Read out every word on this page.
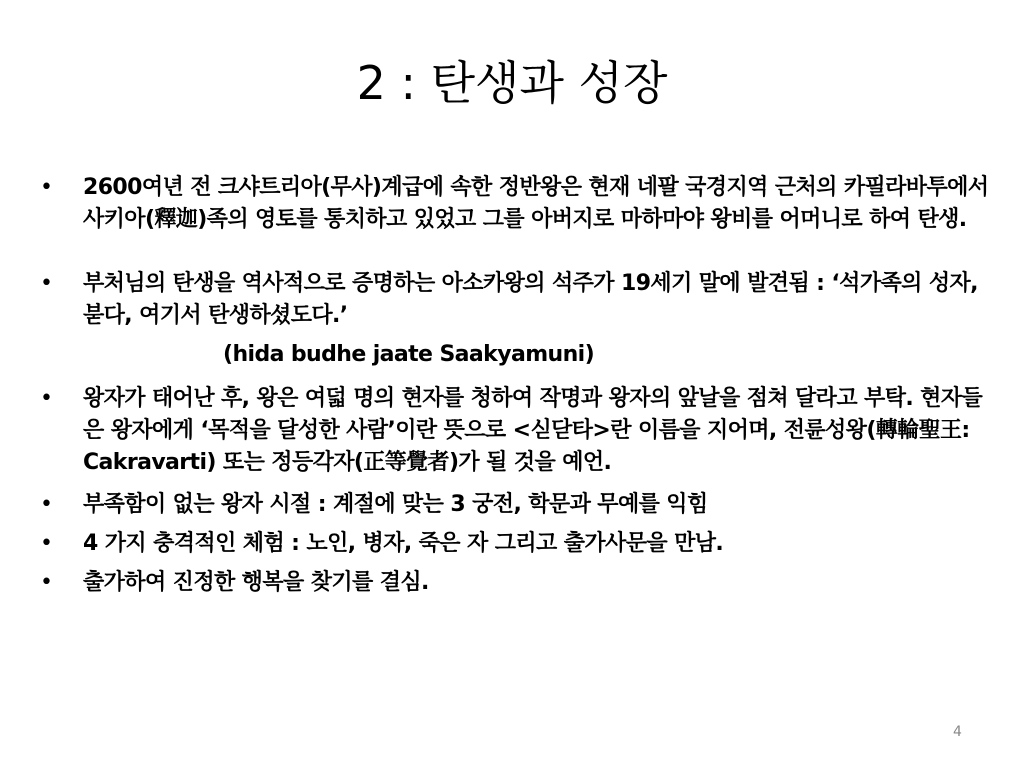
2 : 탄생과 성장
• 2600여년 전 크샤트리아(무사)계급에 속한 정반왕은 현재 네팔 국경지역 근처의 카필라바투에서 사키아(釋迦)족의 영토를 통치하고 있었고 그를 아버지로 마하마야 왕비를 어머니로 하여 탄생.
• 부처님의 탄생을 역사적으로 증명하는 아소카왕의 석주가 19세기 말에 발견됨 : ‘석가족의 성자, 붇다, 여기서 탄생하셨도다.’
(hida budhe jaate Saakyamuni)
• 왕자가 태어난 후, 왕은 여덟 명의 현자를 청하여 작명과 왕자의 앞날을 점쳐 달라고 부탁. 현자들은 왕자에게 ‘목적을 달성한 사람’이란 뜻으로 <싣닫타>란 이름을 지어며, 전륜성왕(轉輪聖王: Cakravarti) 또는 정등각자(正等覺者)가 될 것을 예언.
• 부족함이 없는 왕자 시절 : 계절에 맞는 3 궁전, 학문과 무예를 익힘
• 4 가지 충격적인 체험 : 노인, 병자, 죽은 자 그리고 출가사문을 만남.
• 출가하여 진정한 행복을 찾기를 결심.
4
